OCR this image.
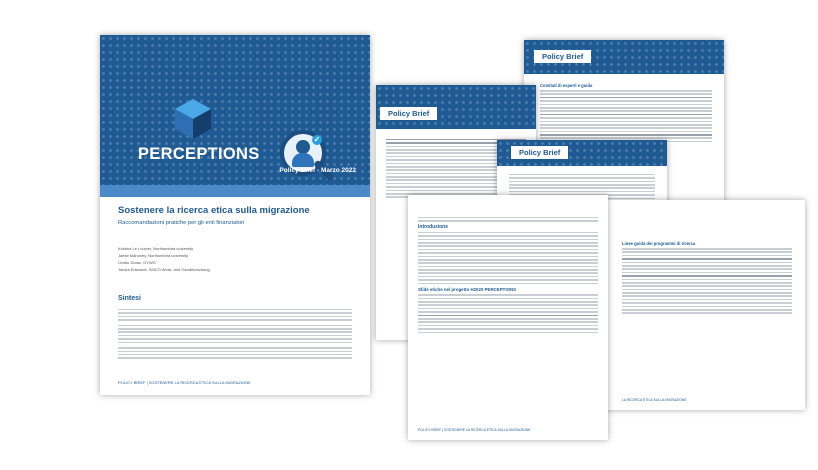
Policy Brief
Comitati di esperti e guida
Policy Brief
Policy Brief
Linee guida dei programmi di ricerca
LA RICERCA ETICA SULLA MIGRAZIONE
Introduzione
Sfide etiche nel progetto H2020 PERCEPTIONS
POLICY BRIEF | SOSTENERE LA RICERCA ETICA SULLA MIGRAZIONE
PERCEPTIONS
✓
Policy Brief - Marzo 2022
Sostenere la ricerca etica sulla migrazione
Raccomandazioni pratiche per gli enti finanziatori
Kristina Le Louvier, Northumbria university
Jamie Mahoney, Northumbria university
Ovidiu Durac, DYWO
James Edwards, SMCO Work- and Sozialforschung
Sintesi
POLICY BRIEF | SOSTENERE LA RICERCA ETICA SULLA MIGRAZIONE
